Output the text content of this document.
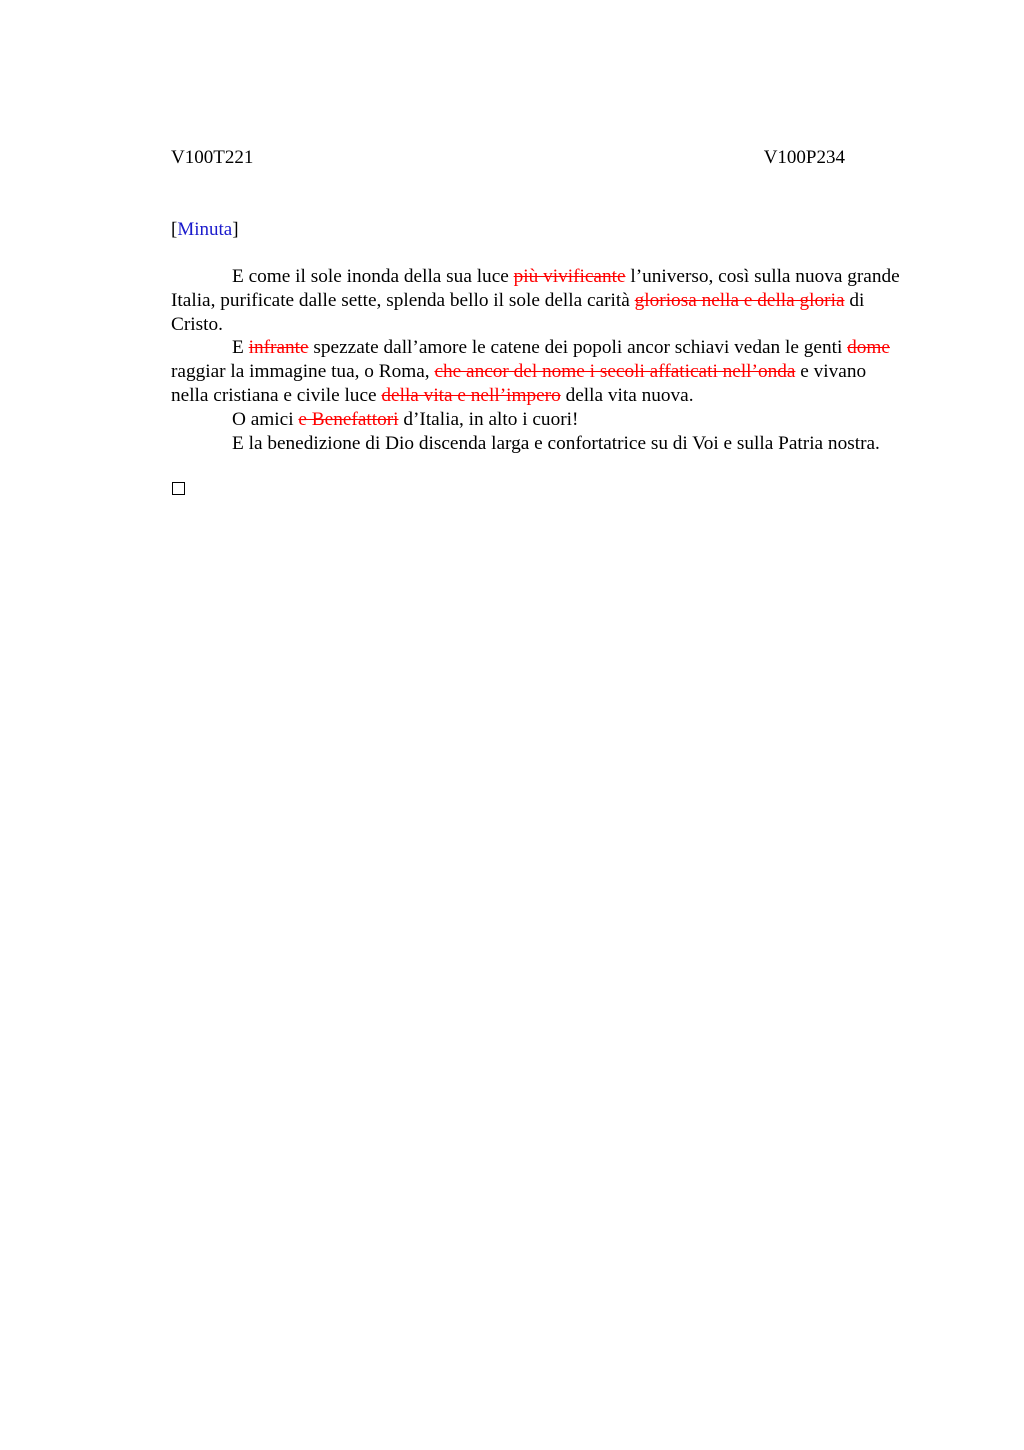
V100T221	V100P234
[Minuta]

E come il sole inonda della sua luce più vivificante l’universo, così sulla nuova grande Italia, purificate dalle sette, splenda bello il sole della carità gloriosa nella e della gloria di Cristo.

E infrante spezzate dall’amore le catene dei popoli ancor schiavi vedan le genti dome raggiar la immagine tua, o Roma, che ancor del nome i secoli affaticati nell’onda e vivano nella cristiana e civile luce della vita e nell’impero della vita nuova.

O amici e Benefattori d’Italia, in alto i cuori!

E la benedizione di Dio discenda larga e confortatrice su di Voi e sulla Patria nostra.
